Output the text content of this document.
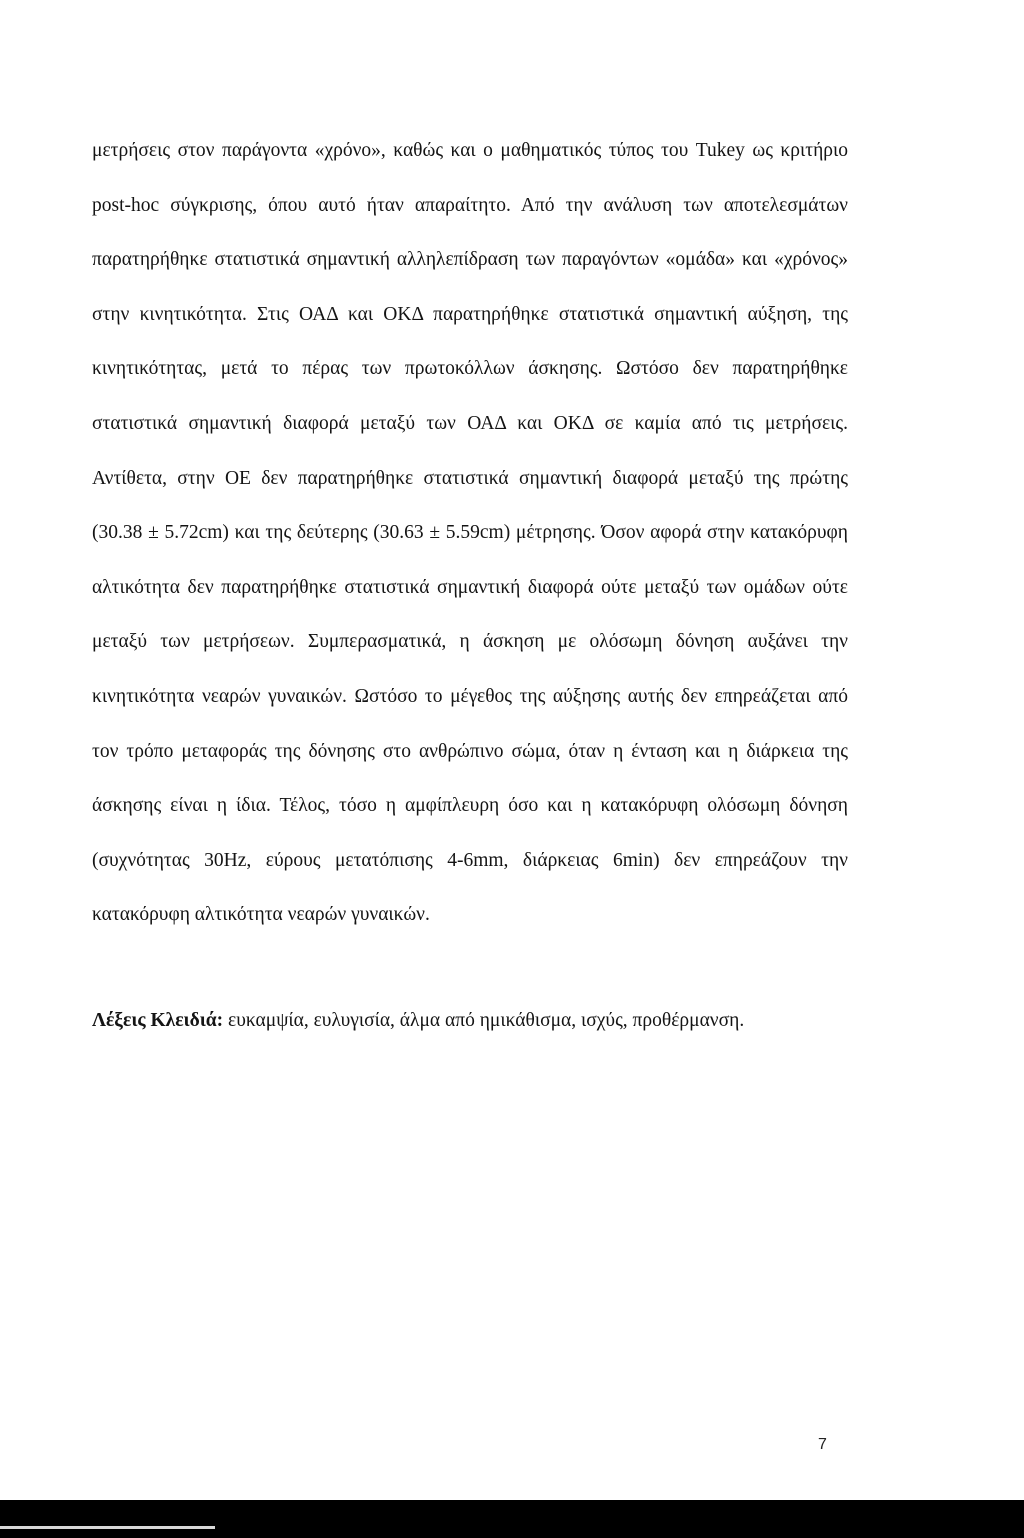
μετρήσεις στον παράγοντα «χρόνο», καθώς και ο μαθηματικός τύπος του Tukey ως κριτήριο post-hoc σύγκρισης, όπου αυτό ήταν απαραίτητο. Από την ανάλυση των αποτελεσμάτων παρατηρήθηκε στατιστικά σημαντική αλληλεπίδραση των παραγόντων «ομάδα» και «χρόνος» στην κινητικότητα. Στις ΟΑΔ και ΟΚΔ παρατηρήθηκε στατιστικά σημαντική αύξηση, της κινητικότητας, μετά το πέρας των πρωτοκόλλων άσκησης. Ωστόσο δεν παρατηρήθηκε στατιστικά σημαντική διαφορά μεταξύ των ΟΑΔ και ΟΚΔ σε καμία από τις μετρήσεις. Αντίθετα, στην ΟΕ δεν παρατηρήθηκε στατιστικά σημαντική διαφορά μεταξύ της πρώτης (30.38 ± 5.72cm) και της δεύτερης (30.63 ± 5.59cm) μέτρησης. Όσον αφορά στην κατακόρυφη αλτικότητα δεν παρατηρήθηκε στατιστικά σημαντική διαφορά ούτε μεταξύ των ομάδων ούτε μεταξύ των μετρήσεων. Συμπερασματικά, η άσκηση με ολόσωμη δόνηση αυξάνει την κινητικότητα νεαρών γυναικών. Ωστόσο το μέγεθος της αύξησης αυτής δεν επηρεάζεται από τον τρόπο μεταφοράς της δόνησης στο ανθρώπινο σώμα, όταν η ένταση και η διάρκεια της άσκησης είναι η ίδια. Τέλος, τόσο η αμφίπλευρη όσο και η κατακόρυφη ολόσωμη δόνηση (συχνότητας 30Hz, εύρους μετατόπισης 4-6mm, διάρκειας 6min) δεν επηρεάζουν την κατακόρυφη αλτικότητα νεαρών γυναικών.

Λέξεις Κλειδιά: ευκαμψία, ευλυγισία, άλμα από ημικάθισμα, ισχύς, προθέρμανση.

7
